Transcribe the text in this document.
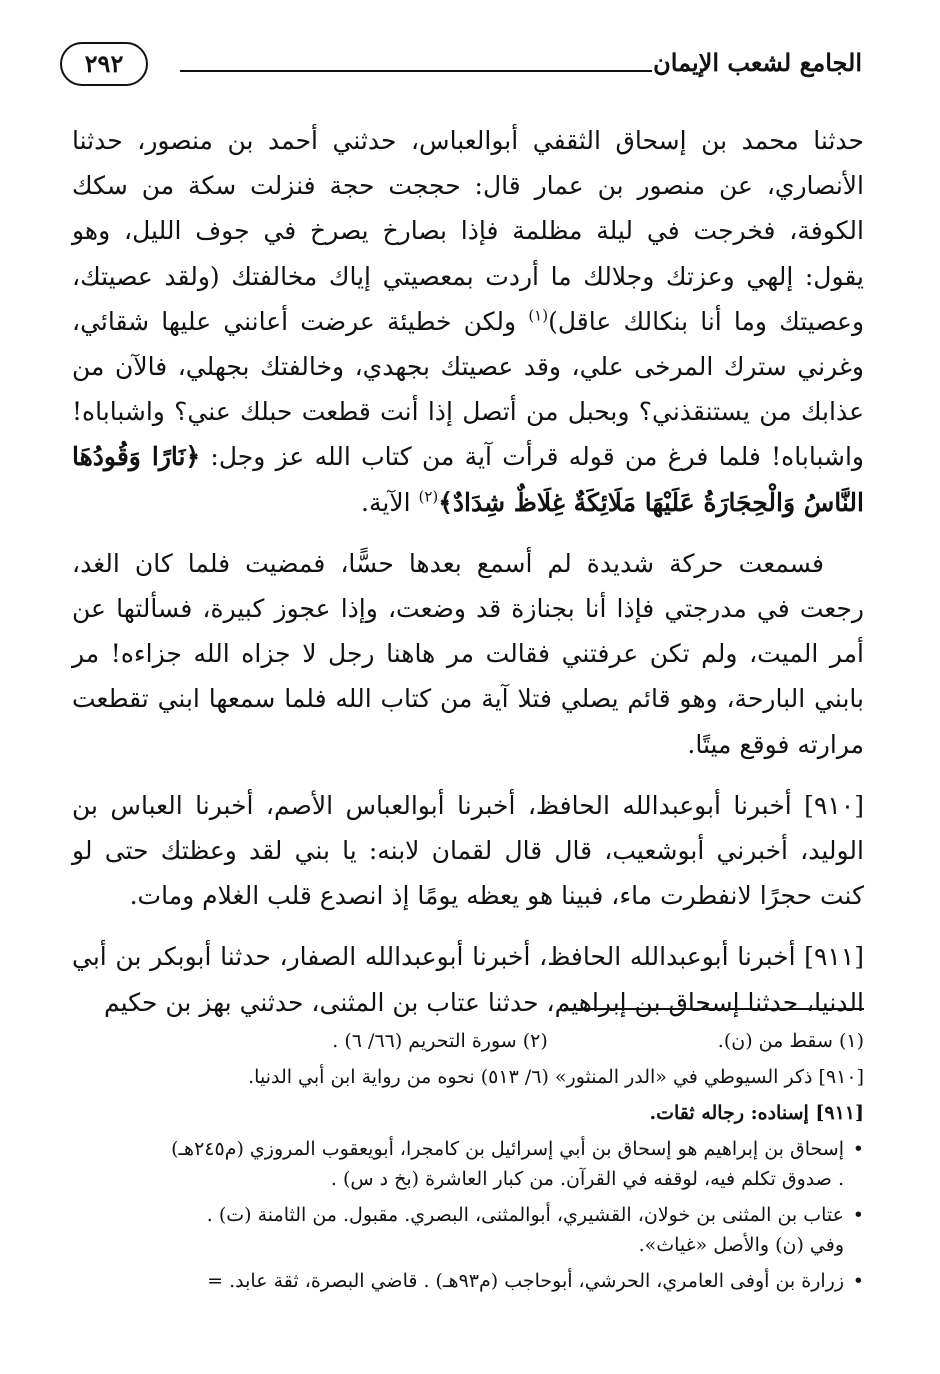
الجامع لشعب الإيمان
٢٩٢

حدثنا محمد بن إسحاق الثقفي أبوالعباس، حدثني أحمد بن منصور، حدثنا الأنصاري، عن منصور بن عمار قال: حججت حجة فنزلت سكة من سكك الكوفة، فخرجت في ليلة مظلمة فإذا بصارخ يصرخ في جوف الليل، وهو يقول: إلهي وعزتك وجلالك ما أردت بمعصيتي إياك مخالفتك (ولقد عصيتك، وعصيتك وما أنا بنكالك عاقل)$^{(١)}$ ولكن خطيئة عرضت أعانني عليها شقائي، وغرني سترك المرخى علي، وقد عصيتك بجهدي، وخالفتك بجهلي، فالآن من عذابك من يستنقذني؟ وبحبل من أتصل إذا أنت قطعت حبلك عني؟ واشباباه! واشباباه! فلما فرغ من قوله قرأت آية من كتاب الله عز وجل: ﴿نَارًا وَقُودُهَا النَّاسُ وَالْحِجَارَةُ عَلَيْهَا مَلَائِكَةٌ غِلَاظٌ شِدَادٌ﴾$^{(٢)}$ الآية.

فسمعت حركة شديدة لم أسمع بعدها حسًّا، فمضيت فلما كان الغد، رجعت في مدرجتي فإذا أنا بجنازة قد وضعت، وإذا عجوز كبيرة، فسألتها عن أمر الميت، ولم تكن عرفتني فقالت مر هاهنا رجل لا جزاه الله جزاءه! مر بابني البارحة، وهو قائم يصلي فتلا آية من كتاب الله فلما سمعها ابني تقطعت مرارته فوقع ميتًا.

[٩١٠] أخبرنا أبوعبدالله الحافظ، أخبرنا أبوالعباس الأصم، أخبرنا العباس بن الوليد، أخبرني أبوشعيب، قال قال لقمان لابنه: يا بني لقد وعظتك حتى لو كنت حجرًا لانفطرت ماء، فبينا هو يعظه يومًا إذ انصدع قلب الغلام ومات.

[٩١١] أخبرنا أبوعبدالله الحافظ، أخبرنا أبوعبدالله الصفار، حدثنا أبوبكر بن أبي الدنيا، حدثنا إسحاق بن إبراهيم، حدثنا عتاب بن المثنى، حدثني بهز بن حكيم

(١) سقط من (ن).
(٢) سورة التحريم (٦٦/ ٦) .
[٩١٠] ذكر السيوطي في «الدر المنثور» (٦/ ٥١٣) نحوه من رواية ابن أبي الدنيا.
[٩١١] إسناده: رجاله ثقات.
• إسحاق بن إبراهيم هو إسحاق بن أبي إسرائيل بن كامجرا، أبويعقوب المروزي (م٢٤٥هـ)
. صدوق تكلم فيه، لوقفه في القرآن. من كبار العاشرة (بخ د س) .
• عتاب بن المثنى بن خولان، القشيري، أبوالمثنى، البصري. مقبول. من الثامنة (ت) .
وفي (ن) والأصل «غياث».
• زرارة بن أوفى العامري، الحرشي، أبوحاجب (م٩٣هـ) . قاضي البصرة، ثقة عابد. =
